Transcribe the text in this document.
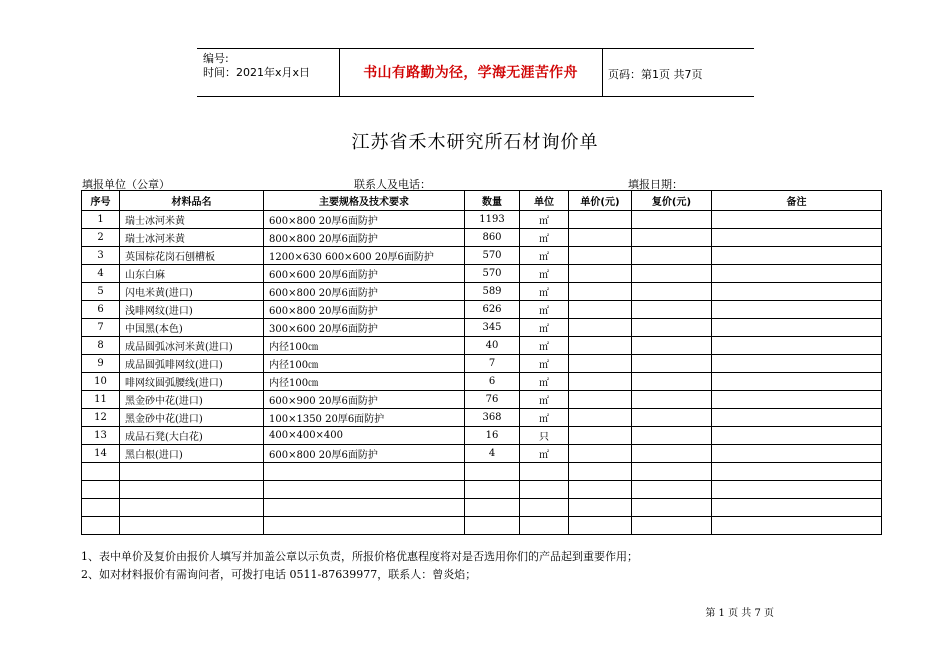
编号:
时间：2021年x月x日	书山有路勤为径，学海无涯苦作舟	页码：第1页 共7页
江苏省禾木研究所石材询价单
填报单位（公章）	联系人及电话：	填报日期：
序号	材料品名	主要规格及技术要求	数量	单位	单价(元)	复价(元)	备注
1	瑞士冰河米黄	600×800 20厚6面防护	1193	㎡			
2	瑞士冰河米黄	800×800 20厚6面防护	860	㎡			
3	英国棕花岗石刨槽板	1200×630 600×600 20厚6面防护	570	㎡			
4	山东白麻	600×600 20厚6面防护	570	㎡			
5	闪电米黄(进口)	600×800 20厚6面防护	589	㎡			
6	浅啡网纹(进口)	600×800 20厚6面防护	626	㎡			
7	中国黑(本色)	300×600 20厚6面防护	345	㎡			
8	成品圆弧冰河米黄(进口)	内径100㎝	40	㎡			
9	成品圆弧啡网纹(进口)	内径100㎝	7	㎡			
10	啡网纹圆弧腰线(进口)	内径100㎝	6	㎡			
11	黑金砂中花(进口)	600×900 20厚6面防护	76	㎡			
12	黑金砂中花(进口)	100×1350 20厚6面防护	368	㎡			
13	成品石凳(大白花)	400×400×400	16	只			
14	黑白根(进口)	600×800 20厚6面防护	4	㎡			

1、表中单价及复价由报价人填写并加盖公章以示负责，所报价格优惠程度将对是否选用你们的产品起到重要作用；
2、如对材料报价有需询问者，可拨打电话 0511-87639977，联系人：曾炎焰；
第 1 页 共 7 页
